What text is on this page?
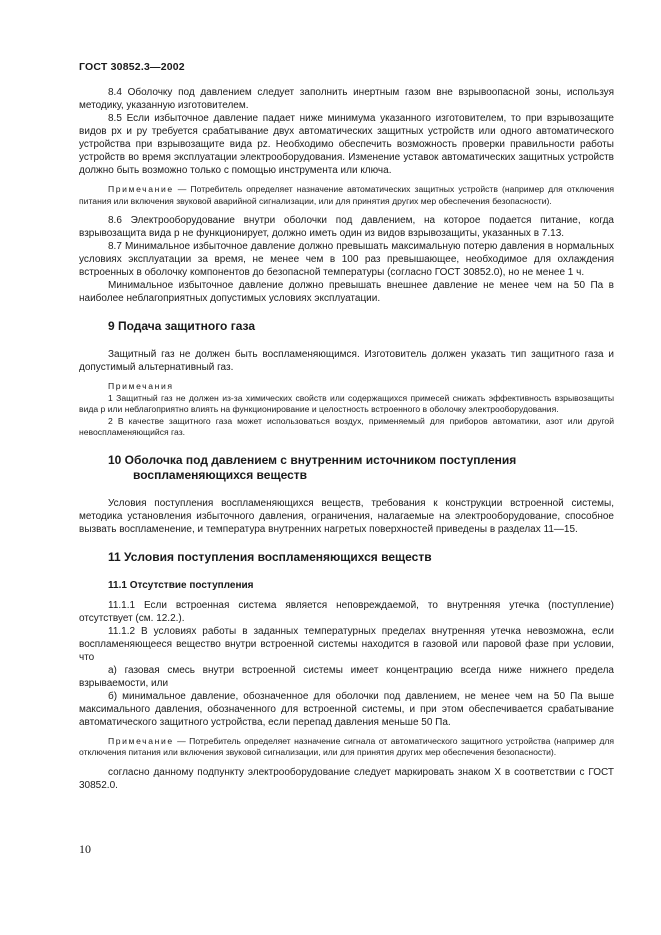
ГОСТ 30852.3—2002

8.4 Оболочку под давлением следует заполнить инертным газом вне взрывоопасной зоны, используя методику, указанную изготовителем.

8.5 Если избыточное давление падает ниже минимума указанного изготовителем, то при взрывозащите видов px и py требуется срабатывание двух автоматических защитных устройств или одного автоматического устройства при взрывозащите вида pz. Необходимо обеспечить возможность проверки правильности работы устройств во время эксплуатации электрооборудования. Изменение уставок автоматических защитных устройств должно быть возможно только с помощью инструмента или ключа.

Примечание — Потребитель определяет назначение автоматических защитных устройств (например для отключения питания или включения звуковой аварийной сигнализации, или для принятия других мер обеспечения безопасности).

8.6 Электрооборудование внутри оболочки под давлением, на которое подается питание, когда взрывозащита вида p не функционирует, должно иметь один из видов взрывозащиты, указанных в 7.13.

8.7 Минимальное избыточное давление должно превышать максимальную потерю давления в нормальных условиях эксплуатации за время, не менее чем в 100 раз превышающее, необходимое для охлаждения встроенных в оболочку компонентов до безопасной температуры (согласно ГОСТ 30852.0), но не менее 1 ч.

Минимальное избыточное давление должно превышать внешнее давление не менее чем на 50 Па в наиболее неблагоприятных допустимых условиях эксплуатации.

9 Подача защитного газа

Защитный газ не должен быть воспламеняющимся. Изготовитель должен указать тип защитного газа и допустимый альтернативный газ.

Примечания

1 Защитный газ не должен из-за химических свойств или содержащихся примесей снижать эффективность взрывозащиты вида p или неблагоприятно влиять на функционирование и целостность встроенного в оболочку электрооборудования.

2 В качестве защитного газа может использоваться воздух, применяемый для приборов автоматики, азот или другой невоспламеняющийся газ.

10 Оболочка под давлением с внутренним источником поступления
воспламеняющихся веществ

Условия поступления воспламеняющихся веществ, требования к конструкции встроенной системы, методика установления избыточного давления, ограничения, налагаемые на электрооборудование, способное вызвать воспламенение, и температура внутренних нагретых поверхностей приведены в разделах 11—15.

11 Условия поступления воспламеняющихся веществ
11.1 Отсутствие поступления

11.1.1 Если встроенная система является неповреждаемой, то внутренняя утечка (поступление) отсутствует (см. 12.2.).

11.1.2 В условиях работы в заданных температурных пределах внутренняя утечка невозможна, если воспламеняющееся вещество внутри встроенной системы находится в газовой или паровой фазе при условии, что

а) газовая смесь внутри встроенной системы имеет концентрацию всегда ниже нижнего предела взрываемости, или

б) минимальное давление, обозначенное для оболочки под давлением, не менее чем на 50 Па выше максимального давления, обозначенного для встроенной системы, и при этом обеспечивается срабатывание автоматического защитного устройства, если перепад давления меньше 50 Па.

Примечание — Потребитель определяет назначение сигнала от автоматического защитного устройства (например для отключения питания или включения звуковой сигнализации, или для принятия других мер обеспечения безопасности).

согласно данному подпункту электрооборудование следует маркировать знаком X в соответствии с ГОСТ 30852.0.

10
